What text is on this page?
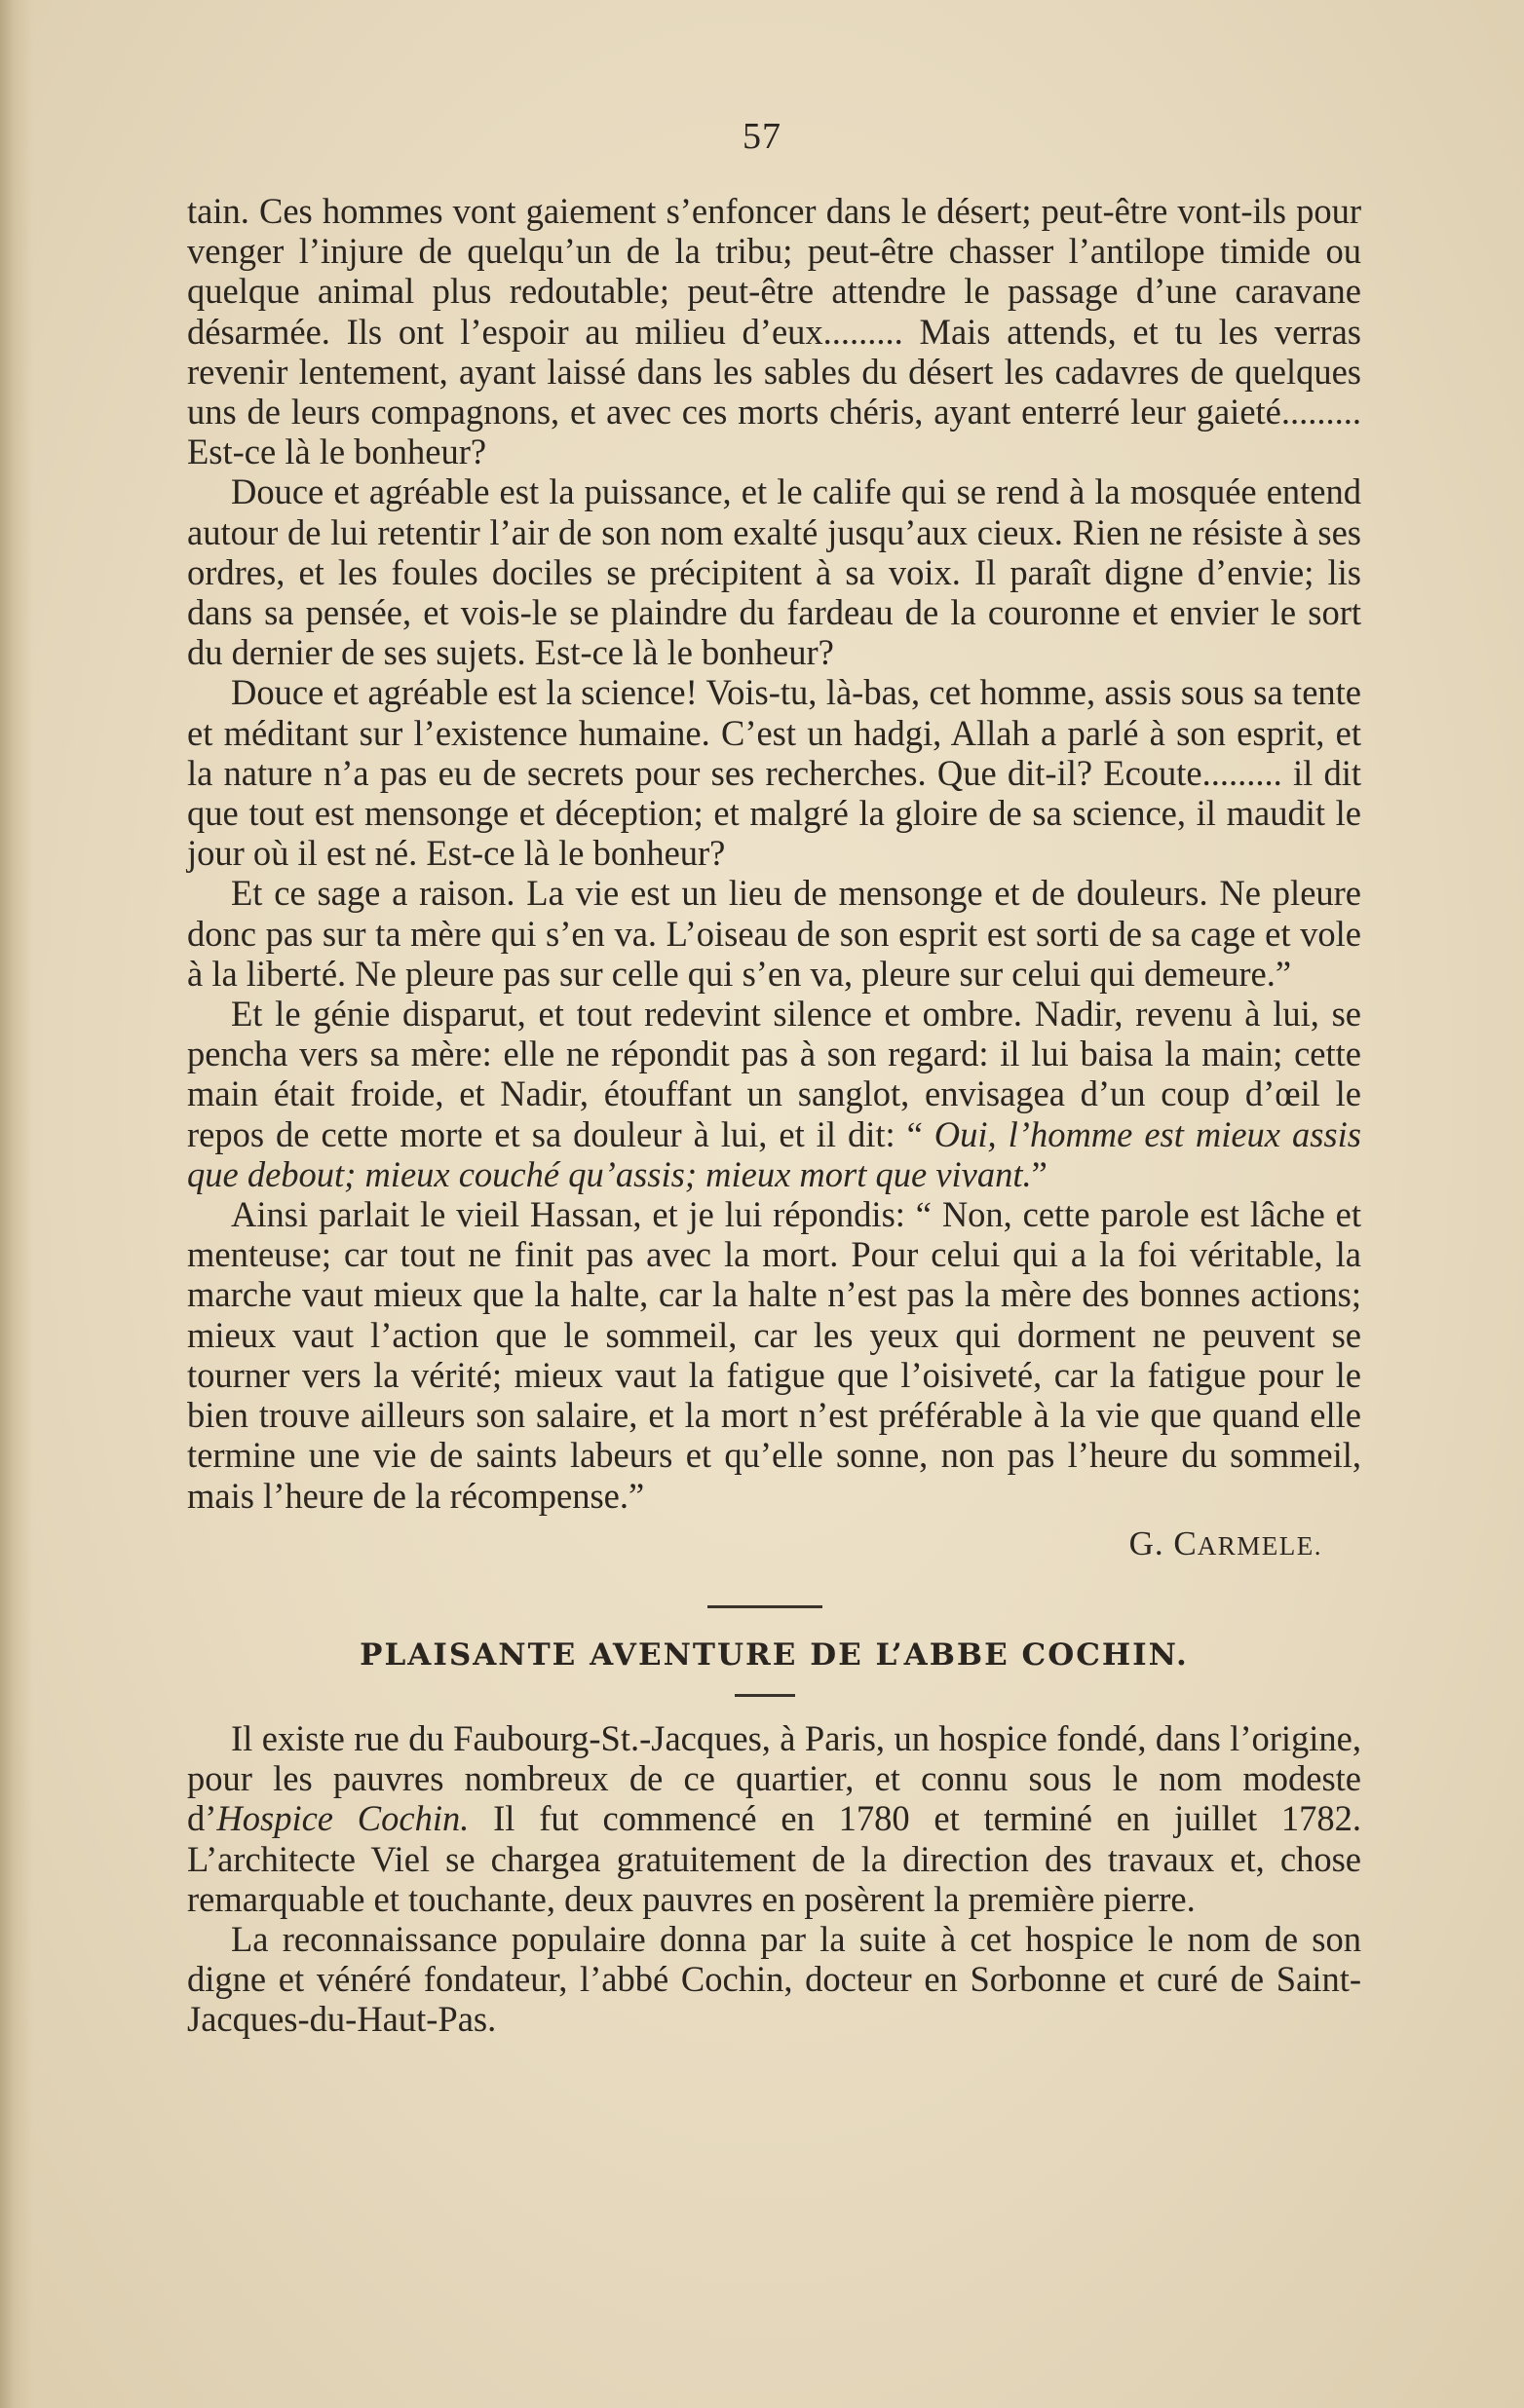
57

tain. Ces hommes vont gaiement s’enfoncer dans le désert; peut-être vont-ils pour venger l’injure de quelqu’un de la tribu; peut-être chasser l’antilope timide ou quelque animal plus redoutable; peut-être attendre le passage d’une caravane désarmée. Ils ont l’espoir au milieu d’eux......... Mais attends, et tu les verras revenir lentement, ayant laissé dans les sables du désert les cadavres de quelques uns de leurs compagnons, et avec ces morts chéris, ayant enterré leur gaieté......... Est-ce là le bonheur?

Douce et agréable est la puissance, et le calife qui se rend à la mosquée entend autour de lui retentir l’air de son nom exalté jusqu’aux cieux. Rien ne résiste à ses ordres, et les foules dociles se précipitent à sa voix. Il paraît digne d’envie; lis dans sa pensée, et vois-le se plaindre du fardeau de la couronne et envier le sort du dernier de ses sujets. Est-ce là le bonheur?

Douce et agréable est la science! Vois-tu, là-bas, cet homme, assis sous sa tente et méditant sur l’existence humaine. C’est un hadgi, Allah a parlé à son esprit, et la nature n’a pas eu de secrets pour ses recherches. Que dit-il? Ecoute......... il dit que tout est mensonge et déception; et malgré la gloire de sa science, il maudit le jour où il est né. Est-ce là le bonheur?

Et ce sage a raison. La vie est un lieu de mensonge et de douleurs. Ne pleure donc pas sur ta mère qui s’en va. L’oiseau de son esprit est sorti de sa cage et vole à la liberté. Ne pleure pas sur celle qui s’en va, pleure sur celui qui demeure.”

Et le génie disparut, et tout redevint silence et ombre. Nadir, revenu à lui, se pencha vers sa mère: elle ne répondit pas à son regard: il lui baisa la main; cette main était froide, et Nadir, étouffant un sanglot, envisagea d’un coup d’œil le repos de cette morte et sa douleur à lui, et il dit: “ Oui, l’homme est mieux assis que debout; mieux couché qu’assis; mieux mort que vivant.”

Ainsi parlait le vieil Hassan, et je lui répondis: “ Non, cette parole est lâche et menteuse; car tout ne finit pas avec la mort. Pour celui qui a la foi véritable, la marche vaut mieux que la halte, car la halte n’est pas la mère des bonnes actions; mieux vaut l’action que le sommeil, car les yeux qui dorment ne peuvent se tourner vers la vérité; mieux vaut la fatigue que l’oisiveté, car la fatigue pour le bien trouve ailleurs son salaire, et la mort n’est préférable à la vie que quand elle termine une vie de saints labeurs et qu’elle sonne, non pas l’heure du sommeil, mais l’heure de la récompense.”

G. CARMELE.
PLAISANTE AVENTURE DE L’ABBE COCHIN.

Il existe rue du Faubourg-St.-Jacques, à Paris, un hospice fondé, dans l’origine, pour les pauvres nombreux de ce quartier, et connu sous le nom modeste d’Hospice Cochin. Il fut commencé en 1780 et terminé en juillet 1782. L’architecte Viel se chargea gratuitement de la direction des travaux et, chose remarquable et touchante, deux pauvres en posèrent la première pierre.

La reconnaissance populaire donna par la suite à cet hospice le nom de son digne et vénéré fondateur, l’abbé Cochin, docteur en Sorbonne et curé de Saint-Jacques-du-Haut-Pas.
